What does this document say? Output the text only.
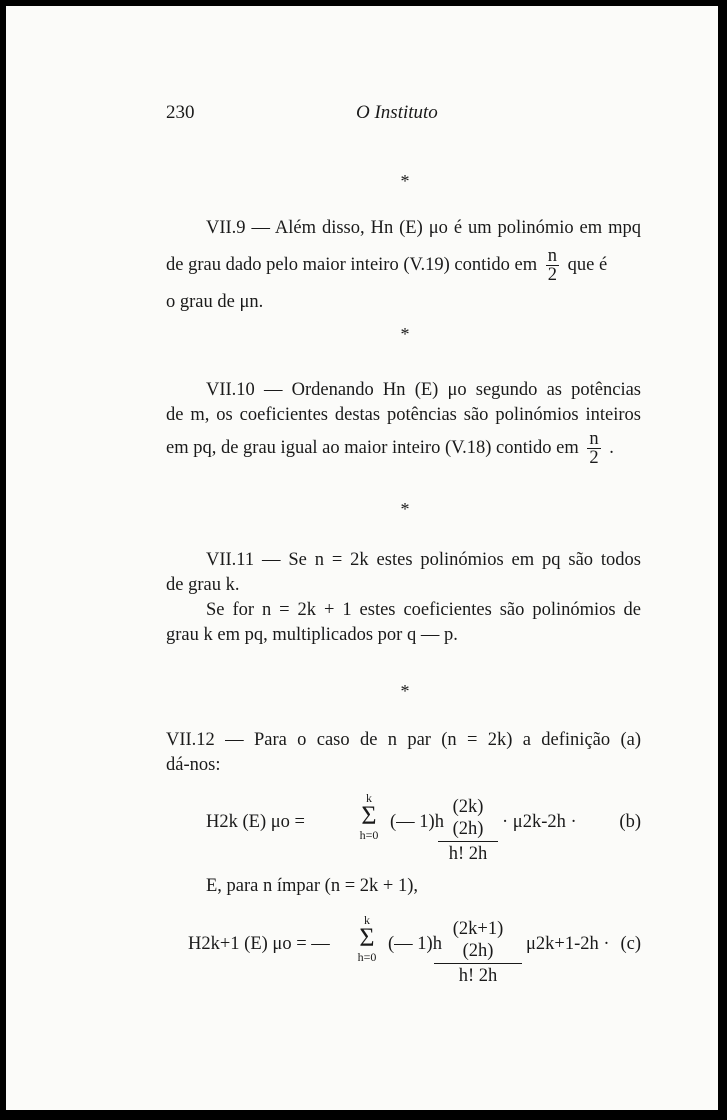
230	O Instituto
*
VII.9 — Além disso, Hn (E) μo é um polinómio em mpq
de grau dado pelo maior inteiro (V.19) contido em $\frac{n}{2}$ que é
o grau de μn.
*
VII.10 — Ordenando Hn (E) μo segundo as potências
de m, os coeficientes destas potências são polinómios inteiros
em pq, de grau igual ao maior inteiro (V.18) contido em $\frac{n}{2}$ .
*
VII.11 — Se n = 2k estes polinómios em pq são todos
de grau k.
Se for n = 2k + 1 estes coeficientes são polinómios de
grau k em pq, multiplicados por q — p.
*
VII.12 — Para o caso de n par (n = 2k) a definição (a)
dá-nos:
H2k (E) μo =
k
Σ
h=0
(— 1)h
$\frac{(2k)(2h)}{h! 2h} \cdot \mu 2k-2h \cdot (b)$
E, para n ímpar (n = 2k + 1),
H2k+1 (E) μo = —
k
Σ
h=0
(— 1)h
$\frac{(2k+1)(2h)}{h! 2h} \mu 2k+1-2h \cdot (c)$
